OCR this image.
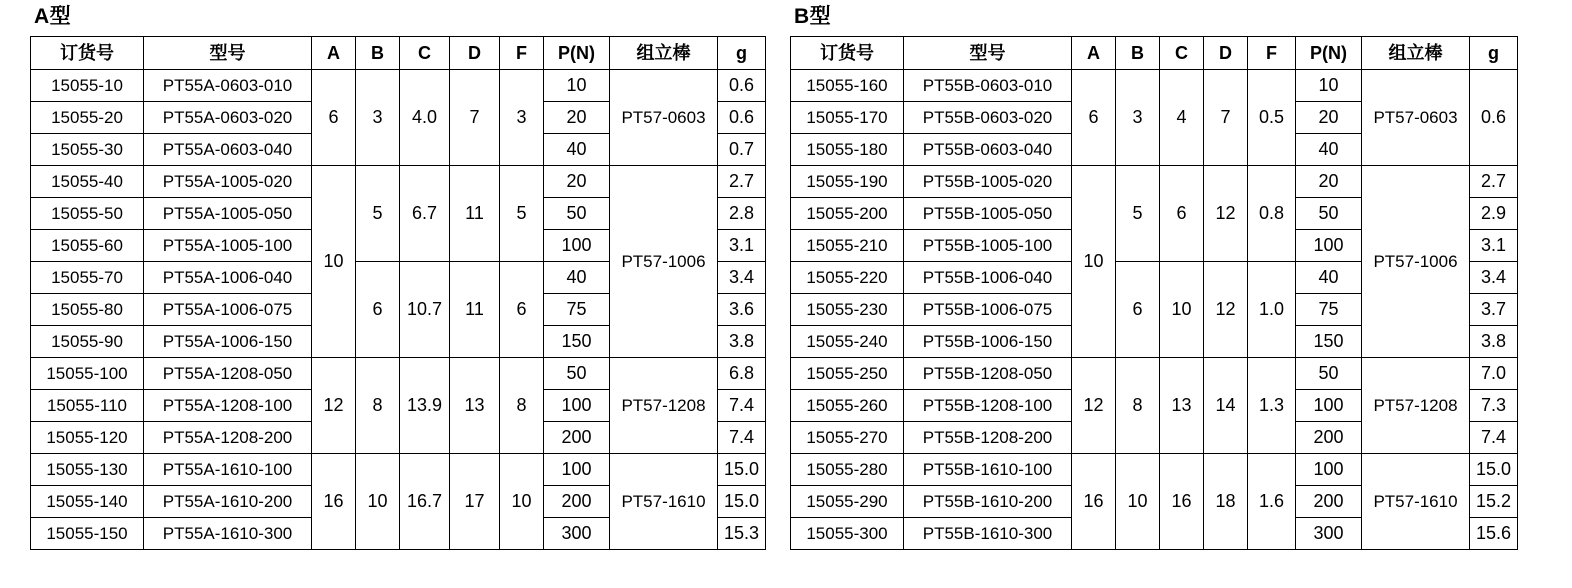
A型
订货号	型号	A	B	C	D	F	P(N)	组立棒	g
15055-10	PT55A-0603-010	6	3	4.0	7	3	10	PT57-0603	0.6
15055-20	PT55A-0603-020						20		0.6
15055-30	PT55A-0603-040						40		0.7
15055-40	PT55A-1005-020	10	5	6.7	11	5	20	PT57-1006	2.7
15055-50	PT55A-1005-050						50		2.8
15055-60	PT55A-1005-100						100		3.1
15055-70	PT55A-1006-040		6	10.7	11	6	40		3.4
15055-80	PT55A-1006-075						75		3.6
15055-90	PT55A-1006-150						150		3.8
15055-100	PT55A-1208-050	12	8	13.9	13	8	50	PT57-1208	6.8
15055-110	PT55A-1208-100						100		7.4
15055-120	PT55A-1208-200						200		7.4
15055-130	PT55A-1610-100	16	10	16.7	17	10	100	PT57-1610	15.0
15055-140	PT55A-1610-200						200		15.0
15055-150	PT55A-1610-300						300		15.3
B型
订货号	型号	A	B	C	D	F	P(N)	组立棒	g
15055-160	PT55B-0603-010	6	3	4	7	0.5	10	PT57-0603	0.6
15055-170	PT55B-0603-020						20		
15055-180	PT55B-0603-040						40		
15055-190	PT55B-1005-020	10	5	6	12	0.8	20	PT57-1006	2.7
15055-200	PT55B-1005-050						50		2.9
15055-210	PT55B-1005-100						100		3.1
15055-220	PT55B-1006-040		6	10	12	1.0	40		3.4
15055-230	PT55B-1006-075						75		3.7
15055-240	PT55B-1006-150						150		3.8
15055-250	PT55B-1208-050	12	8	13	14	1.3	50	PT57-1208	7.0
15055-260	PT55B-1208-100						100		7.3
15055-270	PT55B-1208-200						200		7.4
15055-280	PT55B-1610-100	16	10	16	18	1.6	100	PT57-1610	15.0
15055-290	PT55B-1610-200						200		15.2
15055-300	PT55B-1610-300						300		15.6
